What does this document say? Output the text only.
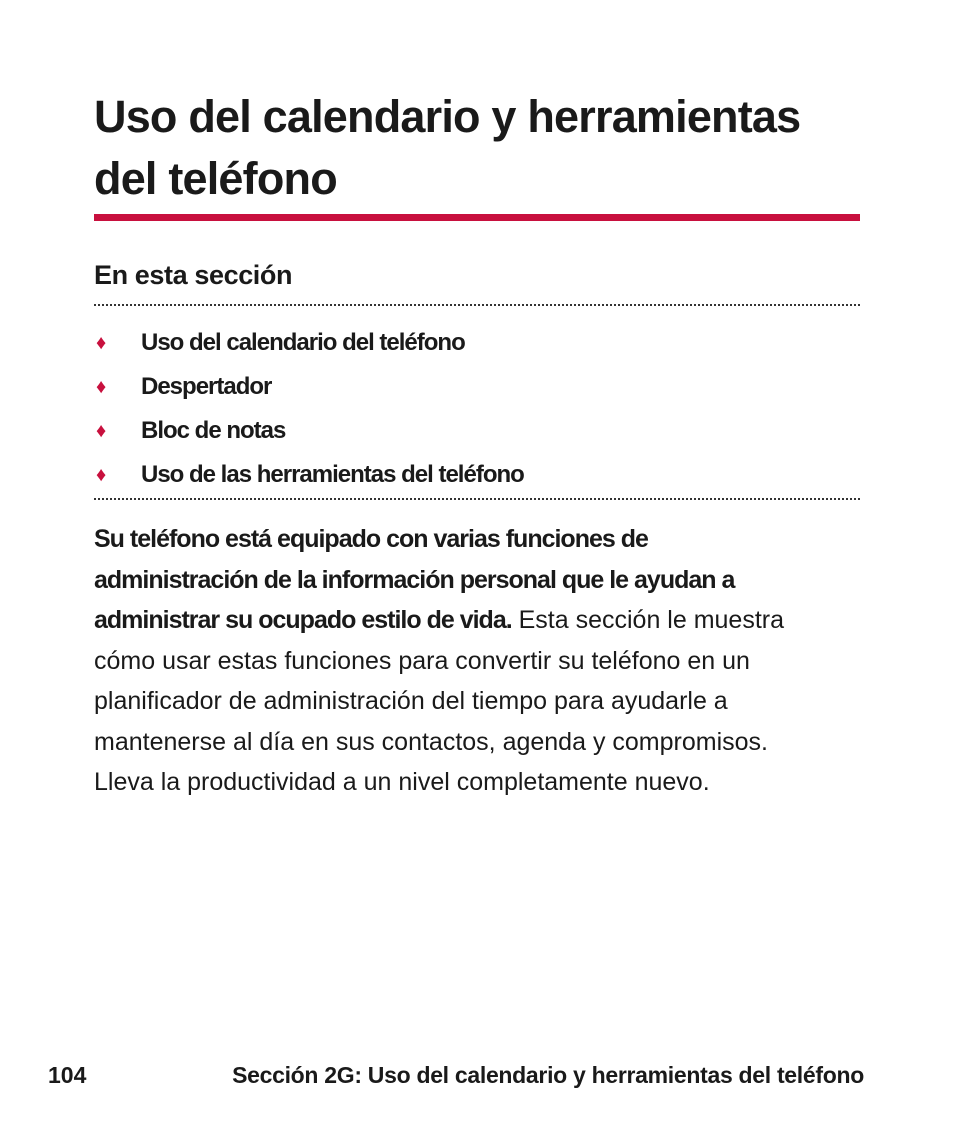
Uso del calendario y herramientas del teléfono
En esta sección
♦	Uso del calendario del teléfono
♦	Despertador
♦	Bloc de notas
♦	Uso de las herramientas del teléfono

Su teléfono está equipado con varias funciones de administración de la información personal que le ayudan a administrar su ocupado estilo de vida. Esta sección le muestra cómo usar estas funciones para convertir su teléfono en un planificador de administración del tiempo para ayudarle a mantenerse al día en sus contactos, agenda y compromisos. Lleva la productividad a un nivel completamente nuevo.

104	Sección 2G: Uso del calendario y herramientas del teléfono
